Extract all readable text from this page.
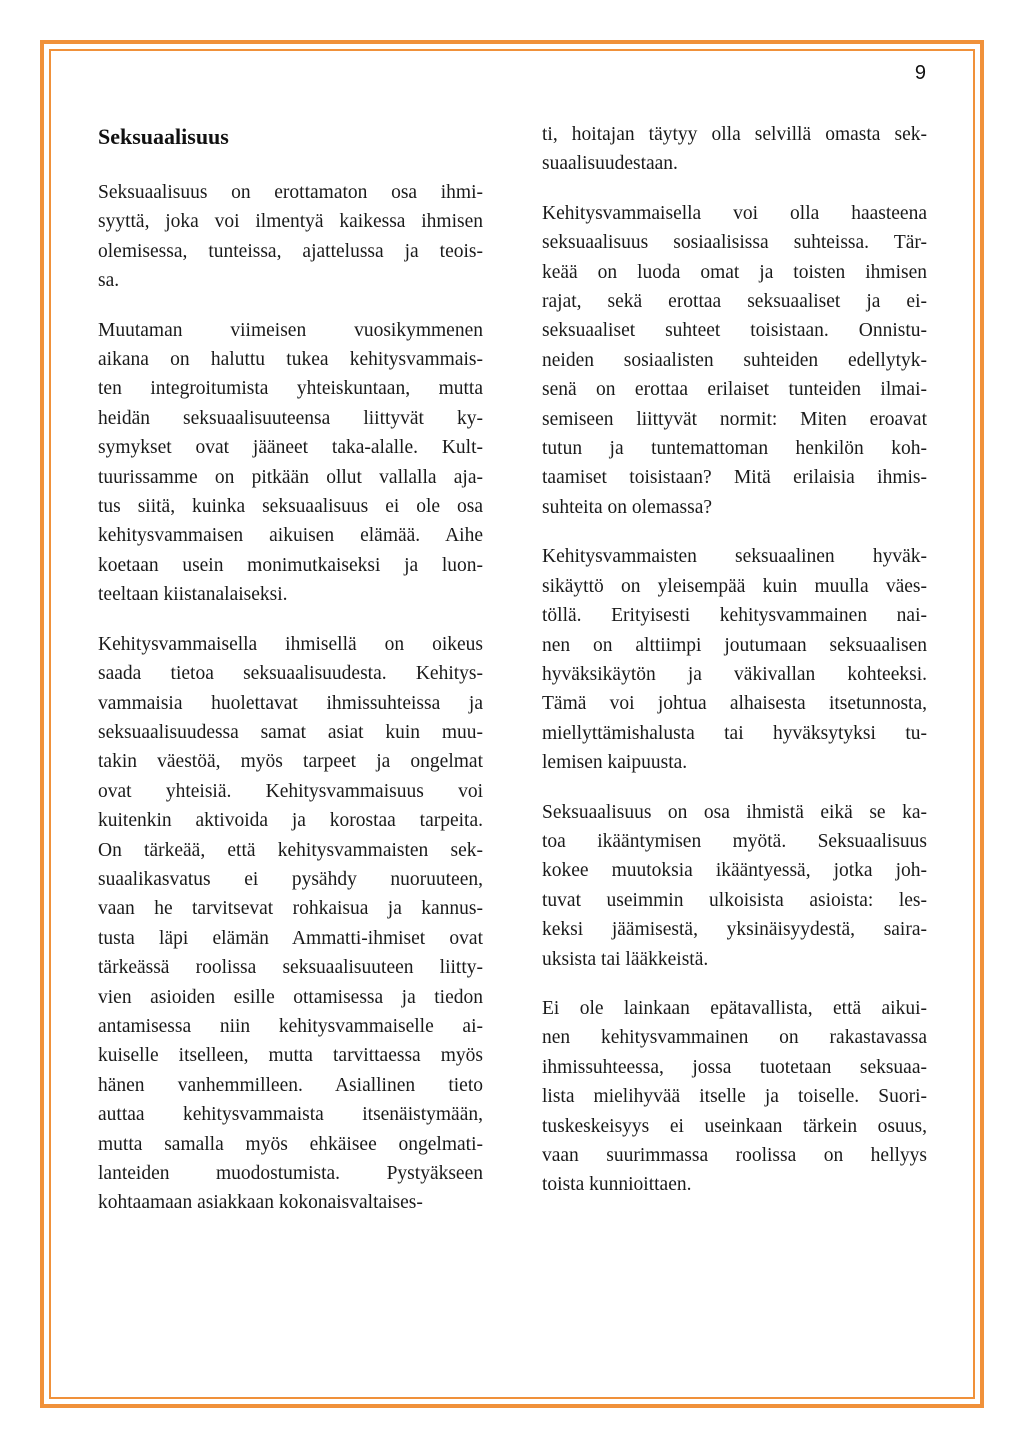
9
Seksuaalisuus
Seksuaalisuus on erottamaton osa ihmi-
syyttä, joka voi ilmentyä kaikessa ihmisen
olemisessa, tunteissa, ajattelussa ja teois-
sa.
Muutaman viimeisen vuosikymmenen
aikana on haluttu tukea kehitysvammais-
ten integroitumista yhteiskuntaan, mutta
heidän seksuaalisuuteensa liittyvät ky-
symykset ovat jääneet taka-alalle. Kult-
tuurissamme on pitkään ollut vallalla aja-
tus siitä, kuinka seksuaalisuus ei ole osa
kehitysvammaisen aikuisen elämää. Aihe
koetaan usein monimutkaiseksi ja luon-
teeltaan kiistanalaiseksi.
Kehitysvammaisella ihmisellä on oikeus
saada tietoa seksuaalisuudesta. Kehitys-
vammaisia huolettavat ihmissuhteissa ja
seksuaalisuudessa samat asiat kuin muu-
takin väestöä, myös tarpeet ja ongelmat
ovat yhteisiä. Kehitysvammaisuus voi
kuitenkin aktivoida ja korostaa tarpeita.
On tärkeää, että kehitysvammaisten sek-
suaalikasvatus ei pysähdy nuoruuteen,
vaan he tarvitsevat rohkaisua ja kannus-
tusta läpi elämän Ammatti-ihmiset ovat
tärkeässä roolissa seksuaalisuuteen liitty-
vien asioiden esille ottamisessa ja tiedon
antamisessa niin kehitysvammaiselle ai-
kuiselle itselleen, mutta tarvittaessa myös
hänen vanhemmilleen. Asiallinen tieto
auttaa kehitysvammaista itsenäistymään,
mutta samalla myös ehkäisee ongelmati-
lanteiden muodostumista. Pystyäkseen
kohtaamaan asiakkaan kokonaisvaltaises-
ti, hoitajan täytyy olla selvillä omasta sek-
suaalisuudestaan.
Kehitysvammaisella voi olla haasteena
seksuaalisuus sosiaalisissa suhteissa. Tär-
keää on luoda omat ja toisten ihmisen
rajat, sekä erottaa seksuaaliset ja ei-
seksuaaliset suhteet toisistaan. Onnistu-
neiden sosiaalisten suhteiden edellytyk-
senä on erottaa erilaiset tunteiden ilmai-
semiseen liittyvät normit: Miten eroavat
tutun ja tuntemattoman henkilön koh-
taamiset toisistaan? Mitä erilaisia ihmis-
suhteita on olemassa?
Kehitysvammaisten seksuaalinen hyväk-
sikäyttö on yleisempää kuin muulla väes-
töllä. Erityisesti kehitysvammainen nai-
nen on alttiimpi joutumaan seksuaalisen
hyväksikäytön ja väkivallan kohteeksi.
Tämä voi johtua alhaisesta itsetunnosta,
miellyttämishalusta tai hyväksytyksi tu-
lemisen kaipuusta.
Seksuaalisuus on osa ihmistä eikä se ka-
toa ikääntymisen myötä. Seksuaalisuus
kokee muutoksia ikääntyessä, jotka joh-
tuvat useimmin ulkoisista asioista: les-
keksi jäämisestä, yksinäisyydestä, saira-
uksista tai lääkkeistä.
Ei ole lainkaan epätavallista, että aikui-
nen kehitysvammainen on rakastavassa
ihmissuhteessa, jossa tuotetaan seksuaa-
lista mielihyvää itselle ja toiselle. Suori-
tuskeskeisyys ei useinkaan tärkein osuus,
vaan suurimmassa roolissa on hellyys
toista kunnioittaen.
